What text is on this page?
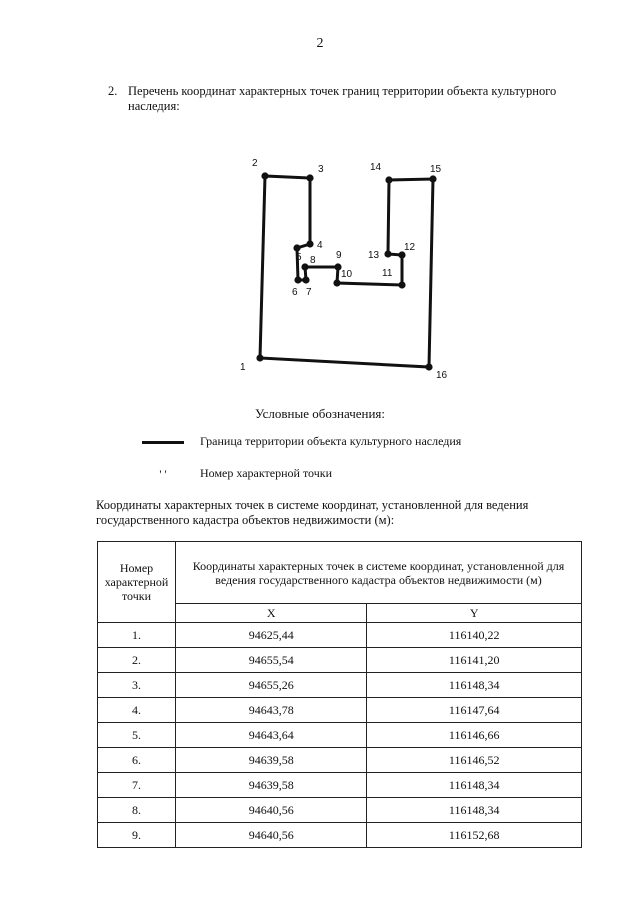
2
2. Перечень координат характерных точек границ территории объекта культурного наследия:
1
2
3
4
5
6 7
8 9
10	11
12
13
14	15
16
Условные обозначения:
Граница территории объекта культурного наследия
' '	Номер характерной точки
Координаты характерных точек в системе координат, установленной для ведения государственного кадастра объектов недвижимости (м):
Номер характерной точки	Координаты характерных точек в системе координат, установленной для ведения государственного кадастра объектов недвижимости (м)	
	X	Y
1.	94625,44	116140,22
2.	94655,54	116141,20
3.	94655,26	116148,34
4.	94643,78	116147,64
5.	94643,64	116146,66
6.	94639,58	116146,52
7.	94639,58	116148,34
8.	94640,56	116148,34
9.	94640,56	116152,68
